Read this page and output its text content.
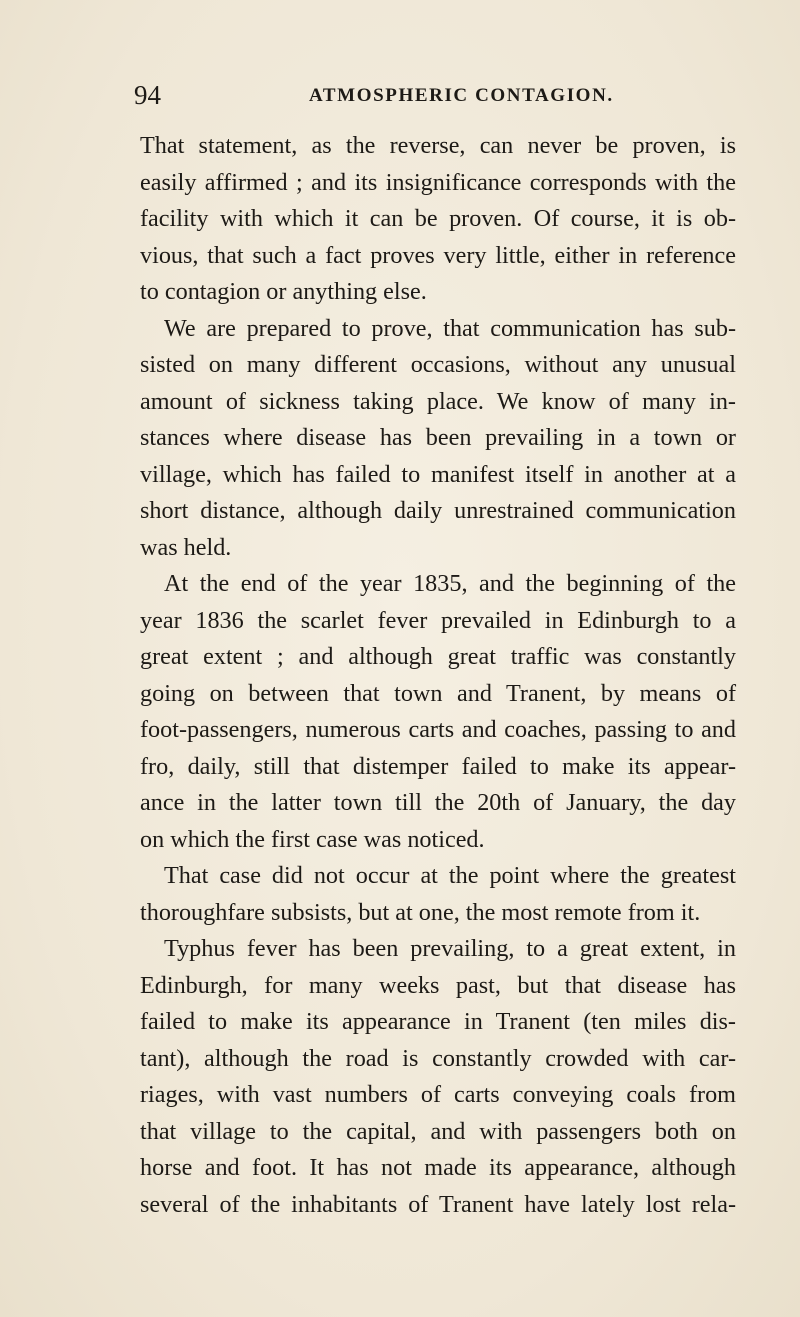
94	ATMOSPHERIC CONTAGION.
That statement, as the reverse, can never be proven, is
easily affirmed ; and its insignificance corresponds with the
facility with which it can be proven. Of course, it is ob-
vious, that such a fact proves very little, either in reference
to contagion or anything else.
We are prepared to prove, that communication has sub-
sisted on many different occasions, without any unusual
amount of sickness taking place. We know of many in-
stances where disease has been prevailing in a town or
village, which has failed to manifest itself in another at a
short distance, although daily unrestrained communication
was held.
At the end of the year 1835, and the beginning of the
year 1836 the scarlet fever prevailed in Edinburgh to a
great extent ; and although great traffic was constantly
going on between that town and Tranent, by means of
foot-passengers, numerous carts and coaches, passing to and
fro, daily, still that distemper failed to make its appear-
ance in the latter town till the 20th of January, the day
on which the first case was noticed.
That case did not occur at the point where the greatest
thoroughfare subsists, but at one, the most remote from it.
Typhus fever has been prevailing, to a great extent, in
Edinburgh, for many weeks past, but that disease has
failed to make its appearance in Tranent (ten miles dis-
tant), although the road is constantly crowded with car-
riages, with vast numbers of carts conveying coals from
that village to the capital, and with passengers both on
horse and foot. It has not made its appearance, although
several of the inhabitants of Tranent have lately lost rela-
